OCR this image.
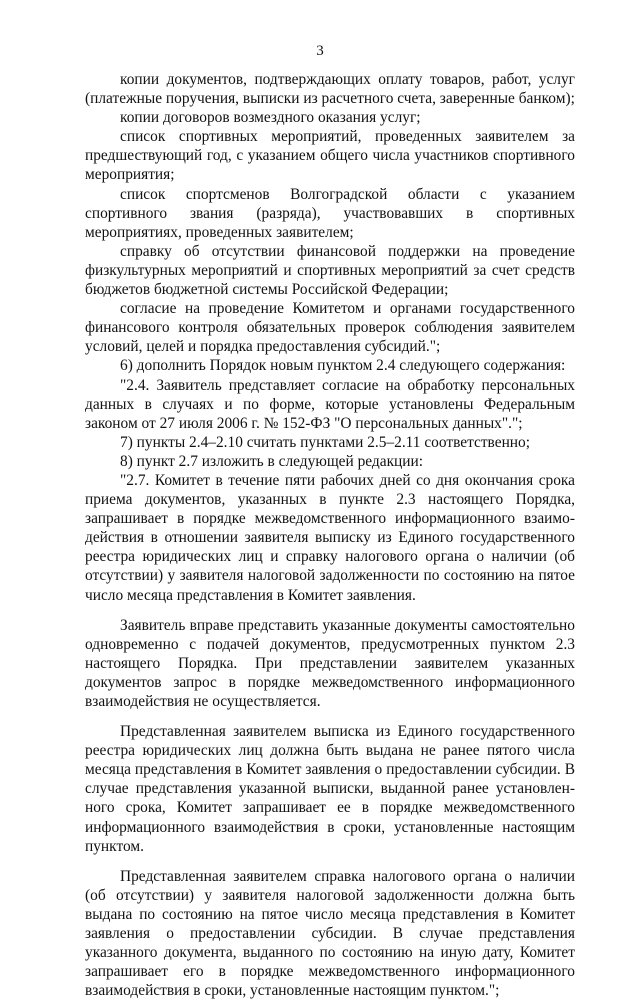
3

копии документов, подтверждающих оплату товаров, работ, услуг (платежные поручения, выписки из расчетного счета, заверенные банком);

копии договоров возмездного оказания услуг;

список спортивных мероприятий, проведенных заявителем за предшествующий год, с указанием общего числа участников спортивного мероприятия;

список спортсменов Волгоградской области с указанием спортивного звания (разряда), участвовавших в спортивных мероприятиях, проведенных заявителем;

справку об отсутствии финансовой поддержки на проведение физкультурных мероприятий и спортивных мероприятий за счет средств бюджетов бюджетной системы Российской Федерации;

согласие на проведение Комитетом и органами государственного финансового контроля обязательных проверок соблюдения заявителем условий, целей и порядка предоставления субсидий.";

6) дополнить Порядок новым пунктом 2.4 следующего содержания:

"2.4. Заявитель представляет согласие на обработку персональных данных в случаях и по форме, которые установлены Федеральным законом от 27 июля 2006 г. № 152-ФЗ "О персональных данных".";

7) пункты 2.4–2.10 считать пунктами 2.5–2.11 соответственно;

8) пункт 2.7 изложить в следующей редакции:

"2.7. Комитет в течение пяти рабочих дней со дня окончания срока приема документов, указанных в пункте 2.3 настоящего Порядка, запрашивает в порядке межведомственного информационного взаимодействия в отношении заявителя выписку из Единого государственного реестра юридических лиц и справку налогового органа о наличии (об отсутствии) у заявителя налоговой задолженности по состоянию на пятое число месяца представления в Комитет заявления.

Заявитель вправе представить указанные документы самостоятельно одновременно с подачей документов, предусмотренных пунктом 2.3 настоящего Порядка. При представлении заявителем указанных документов запрос в порядке межведомственного информационного взаимодействия не осуществляется.

Представленная заявителем выписка из Единого государственного реестра юридических лиц должна быть выдана не ранее пятого числа месяца представления в Комитет заявления о предоставлении субсидии. В случае представления указанной выписки, выданной ранее установленного срока, Комитет запрашивает ее в порядке межведомственного информационного взаимодействия в сроки, установленные настоящим пунктом.

Представленная заявителем справка налогового органа о наличии (об отсутствии) у заявителя налоговой задолженности должна быть выдана по состоянию на пятое число месяца представления в Комитет заявления о предоставлении субсидии. В случае представления указанного документа, выданного по состоянию на иную дату, Комитет запрашивает его в порядке межведомственного информационного взаимодействия в сроки, установленные настоящим пунктом.";
